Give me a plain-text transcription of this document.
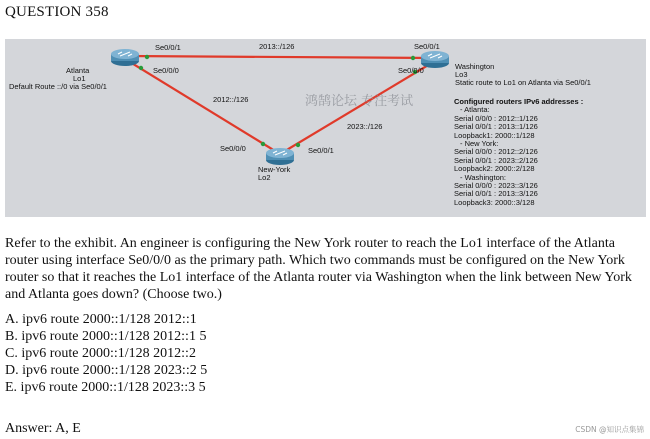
QUESTION 358
Se0/0/1
Se0/0/0
Atlanta
Lo1
Default Route ::/0 via Se0/0/1
2013::/126	Se0/0/1
Se0/0/0	Washington
Lo3
Static route to Lo1 on Atlanta via Se0/0/1
2012::/126
2023::/126
Se0/0/0	Se0/0/1
New-York
Lo2
鸿鹄论坛 专注考试	Configured routers IPv6 addresses :
- Atlanta:
Serial 0/0/0 : 2012::1/126
Serial 0/0/1 : 2013::1/126
Loopback1: 2000::1/128
- New York:
Serial 0/0/0 : 2012::2/126
Serial 0/0/1 : 2023::2/126
Loopback2: 2000::2/128
- Washington:
Serial 0/0/0 : 2023::3/126
Serial 0/0/1 : 2013::3/126
Loopback3: 2000::3/128
Refer to the exhibit. An engineer is configuring the New York router to reach the Lo1 interface of the Atlanta router using interface Se0/0/0 as the primary path. Which two commands must be configured on the New York router so that it reaches the Lo1 interface of the Atlanta router via Washington when the link between New York and Atlanta goes down? (Choose two.)
A. ipv6 route 2000::1/128 2012::1
B. ipv6 route 2000::1/128 2012::1 5
C. ipv6 route 2000::1/128 2012::2
D. ipv6 route 2000::1/128 2023::2 5
E. ipv6 route 2000::1/128 2023::3 5
Answer: A, E	CSDN @知识点集锦
